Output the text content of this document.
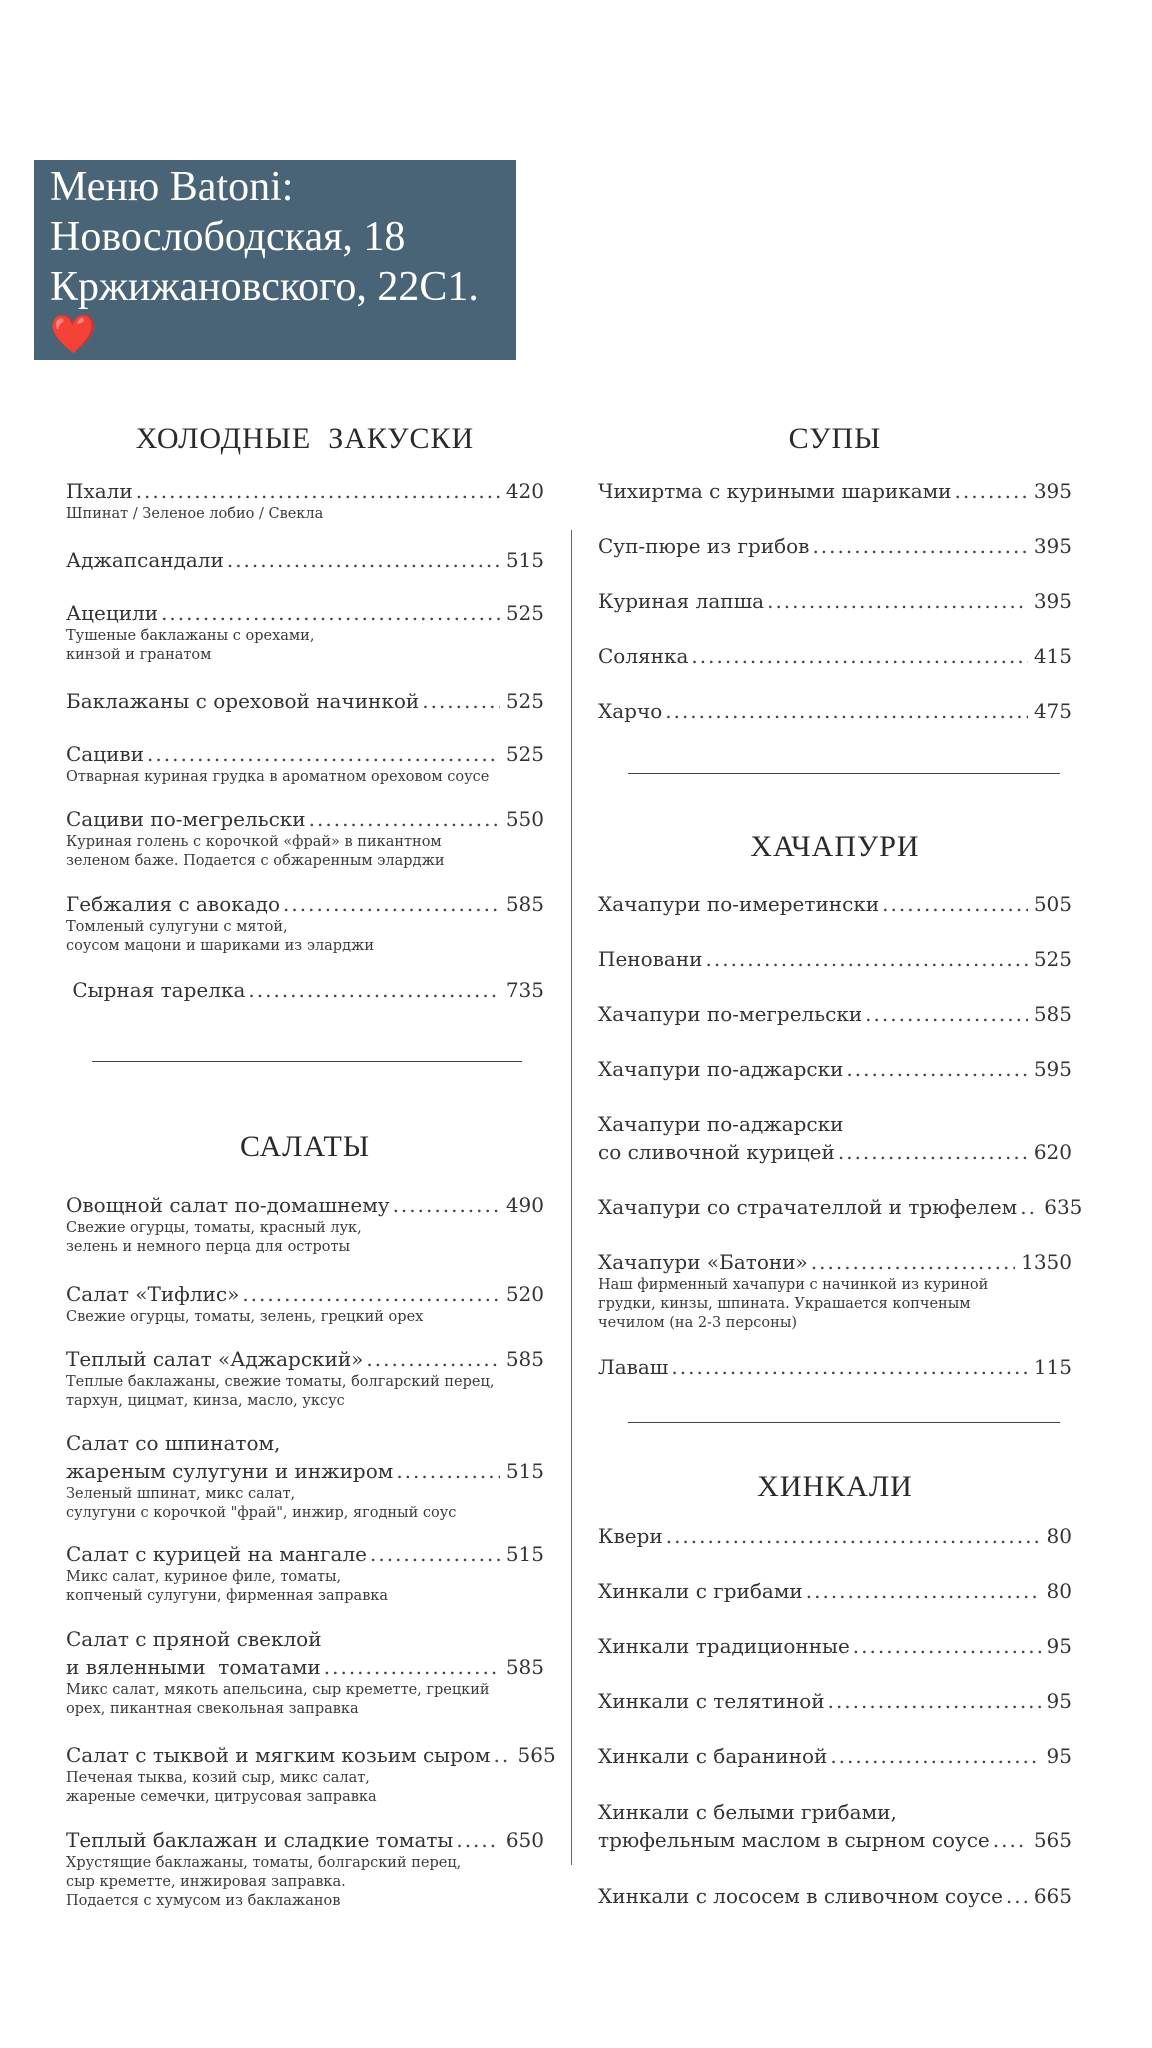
Меню Batoni:
Новослободская, 18
Кржижановского, 22С1.
❤️
ХОЛОДНЫЕ  ЗАКУСКИ
САЛАТЫ
Пхали .....	420
Шпинат / Зеленое лобио / Свекла
Аджапсандали .....	515
Ацецили .....	525
Тушеные баклажаны с орехами,
кинзой и гранатом
Баклажаны с ореховой начинкой .....	525
Сациви .....	525
Отварная куриная грудка в ароматном ореховом соусе
Сациви по-мегрельски .....	550
Куриная голень с корочкой «фрай» в пикантном
зеленом баже. Подается с обжаренным эларджи
Гебжалия с авокадо .....	585
Томленый сулугуни с мятой,
соусом мацони и шариками из эларджи
Сырная тарелка .....	735
Овощной салат по-домашнему .....	490
Свежие огурцы, томаты, красный лук,
зелень и немного перца для остроты
Салат «Тифлис» .....	520
Свежие огурцы, томаты, зелень, грецкий орех
Теплый салат «Аджарский» .....	585
Теплые баклажаны, свежие томаты, болгарский перец,
тархун, цицмат, кинза, масло, уксус
Салат со шпинатом,
жареным сулугуни и инжиром .....	515
Зеленый шпинат, микс салат,
сулугуни с корочкой "фрай", инжир, ягодный соус
Салат с курицей на мангале .....	515
Микс салат, куриное филе, томаты,
копченый сулугуни, фирменная заправка
Салат с пряной свеклой
и вяленными  томатами .....	585
Микс салат, мякоть апельсина, сыр креметте, грецкий
орех, пикантная свекольная заправка
Салат с тыквой и мягким козьим сыром ..... 565
Печеная тыква, козий сыр, микс салат,
жареные семечки, цитрусовая заправка
Теплый баклажан и сладкие томаты .....	650
Хрустящие баклажаны, томаты, болгарский перец,
сыр креметте, инжировая заправка.
Подается с хумусом из баклажанов
СУПЫ
ХАЧАПУРИ
ХИНКАЛИ
Чихиртма с куриными шариками .....	395
Суп-пюре из грибов .....	395
Куриная лапша .....	395
Солянка .....	415
Харчо .....	475
Хачапури по-имеретински .....	505
Пеновани .....	525
Хачапури по-мегрельски .....	585
Хачапури по-аджарски .....	595
Хачапури по-аджарски
со сливочной курицей .....	620
Хачапури со страчателлой и трюфелем ..... 635
Хачапури «Батони» .....	1350
Наш фирменный хачапури с начинкой из куриной
грудки, кинзы, шпината. Украшается копченым
чечилом (на 2-3 персоны)
Лаваш .....	115
Квери .....	80
Хинкали с грибами .....	80
Хинкали традиционные .....	95
Хинкали с телятиной .....	95
Хинкали с бараниной .....	95
Хинкали с белыми грибами,
трюфельным маслом в сырном соусе ..... 565
Хинкали с лососем в сливочном соусе ..... 665
